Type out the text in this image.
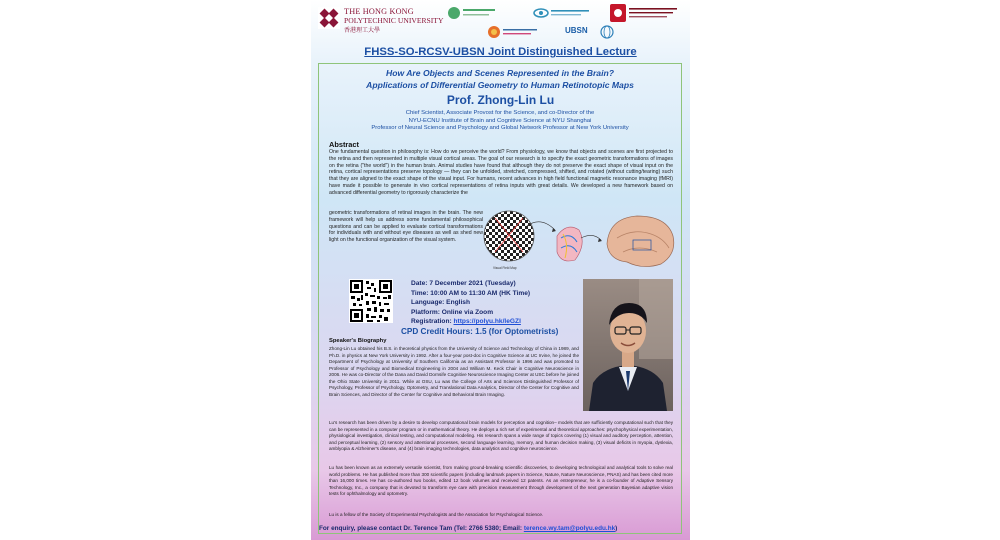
THE HONG KONG
POLYTECHNIC UNIVERSITY
香港理工大學	UBSN
FHSS-SO-RCSV-UBSN Joint Distinguished Lecture
How Are Objects and Scenes Represented in the Brain?
Applications of Differential Geometry to Human Retinotopic Maps
Prof. Zhong-Lin Lu
Chief Scientist, Associate Provost for the Science, and co-Director of the
NYU-ECNU Institute of Brain and Cognitive Science at NYU Shanghai
Professor of Neural Science and Psychology and Global Network Professor at New York University
Abstract
One fundamental question in philosophy is: How do we perceive the world? From physiology, we know that objects and scenes are first projected to the retina and then represented in multiple visual cortical areas. The goal of our research is to specify the exact geometric transformations of images on the retina ("the world") in the human brain. Animal studies have found that although they do not preserve the exact shape of visual input on the retina, cortical representations preserve topology — they can be unfolded, stretched, compressed, shifted, and rotated (without cutting/tearing) such that they are aligned to the exact shape of the visual input. For humans, recent advances in high field functional magnetic resonance imaging (fMRI) have made it possible to generate in vivo cortical representations of retina inputs with great details. We developed a new framework based on advanced differential geometry to rigorously characterize the
geometric transformations of retinal images in the brain. The new framework will help us address some fundamental philosophical questions and can be applied to evaluate cortical transformations for individuals with and without eye diseases as well as shed new light on the functional organization of the visual system.
Visual Field Map
Date: 7 December 2021 (Tuesday)
Time: 10:00 AM to 11:30 AM (HK Time)
Language: English
Platform: Online via Zoom
Registration: https://polyu.hk/leGZI
CPD Credit Hours: 1.5 (for Optometrists)
Speaker's Biography
Zhong-Lin Lu obtained his B.S. in theoretical physics from the University of Science and Technology of China in 1989, and Ph.D. in physics at New York University in 1992. After a four-year post-doc in Cognitive Science at UC Irvine, he joined the Department of Psychology at University of Southern California as an Assistant Professor in 1996 and was promoted to Professor of Psychology and Biomedical Engineering in 2004 and William M. Keck Chair in Cognitive Neuroscience in 2006. He was co-Director of the Dana and David Dornsife Cognitive Neuroscience Imaging Center at USC before he joined the Ohio State University in 2011. While at OSU, Lu was the College of Arts and Sciences Distinguished Professor of Psychology, Professor of Psychology, Optometry, and Translational Data Analytics, Director of the Center for Cognitive and Brain Sciences, and Director of the Center for Cognitive and Behavioral Brain Imaging.
Lu's research has been driven by a desire to develop computational brain models for perception and cognition– models that are sufficiently computational such that they can be represented in a computer program or in mathematical theory. He deploys a rich set of experimental and theoretical approaches: psychophysical experimentation, physiological investigation, clinical testing, and computational modeling. His research spans a wide range of topics covering (1) visual and auditory perception, attention, and perceptual learning, (2) sensory and attentional processes, second language learning, memory, and human decision making, (3) visual deficits in myopia, dyslexia, amblyopia & Alzheimer's disease, and (4) brain imaging technologies, data analytics and cognitive neuroscience.
Lu has been known as an extremely versatile scientist, from making ground-breaking scientific discoveries, to developing technological and analytical tools to solve real world problems. He has published more than 300 scientific papers (including landmark papers in Science, Nature, Nature Neuroscience, PNAS) and has been cited more than 16,000 times. He has co-authored two books, edited 12 book volumes and received 12 patents. As an entrepreneur, he is a co-founder of Adaptive Sensory Technology, Inc., a company that is devoted to transform eye care with precision measurement through development of the next generation Bayesian adaptive vision tests for ophthalmology and optometry.
Lu is a fellow of the Society of Experimental Psychologists and the Association for Psychological Science.
For enquiry, please contact Dr. Terence Tam (Tel: 2766 5380; Email: terence.wy.tam@polyu.edu.hk)
